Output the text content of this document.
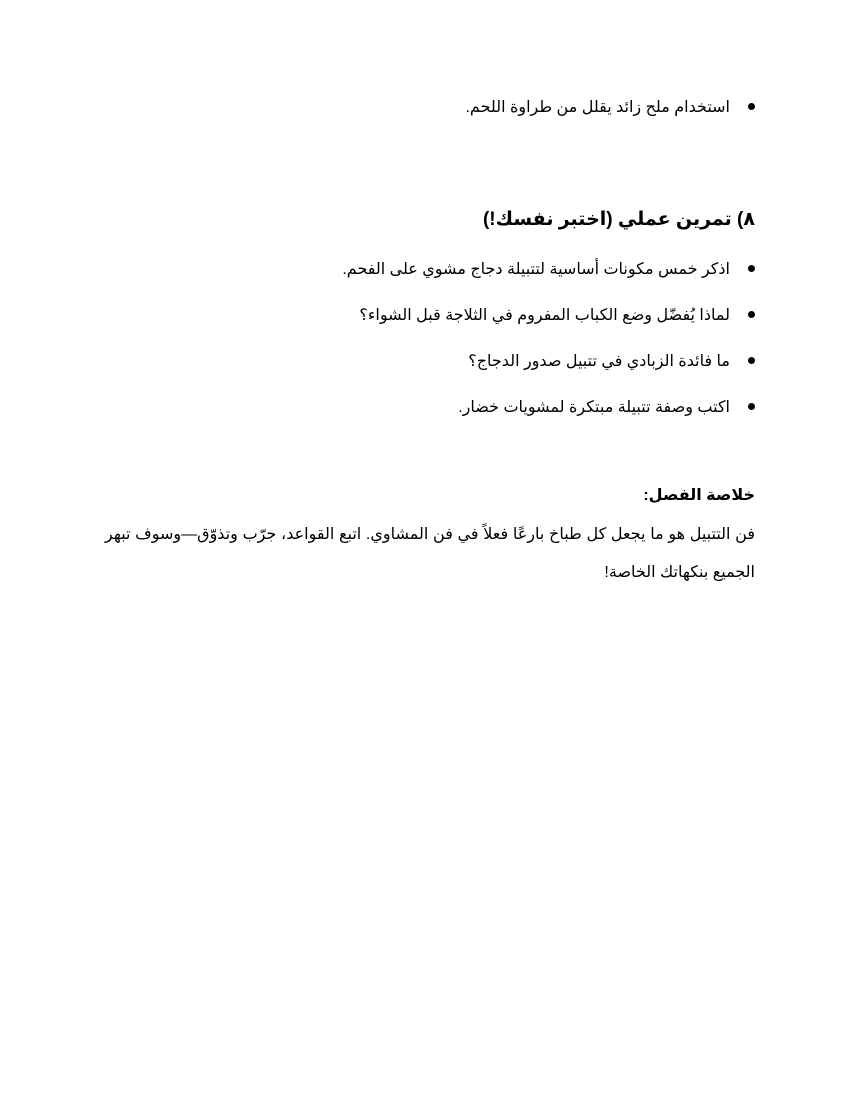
استخدام ملح زائد يقلل من طراوة اللحم.
٨) تمرين عملي (اختبر نفسك!)
اذكر خمس مكونات أساسية لتتبيلة دجاج مشوي على الفحم.
لماذا يُفضّل وضع الكباب المفروم في الثلاجة قبل الشواء؟
ما فائدة الزبادي في تتبيل صدور الدجاج؟
اكتب وصفة تتبيلة مبتكرة لمشويات خضار.
خلاصة الفصل:

فن التتبيل هو ما يجعل كل طباخ بارعًا فعلاً في فن المشاوي. اتبع القواعد، جرّب وتذوّق—وسوف تبهر الجميع بنكهاتك الخاصة!
